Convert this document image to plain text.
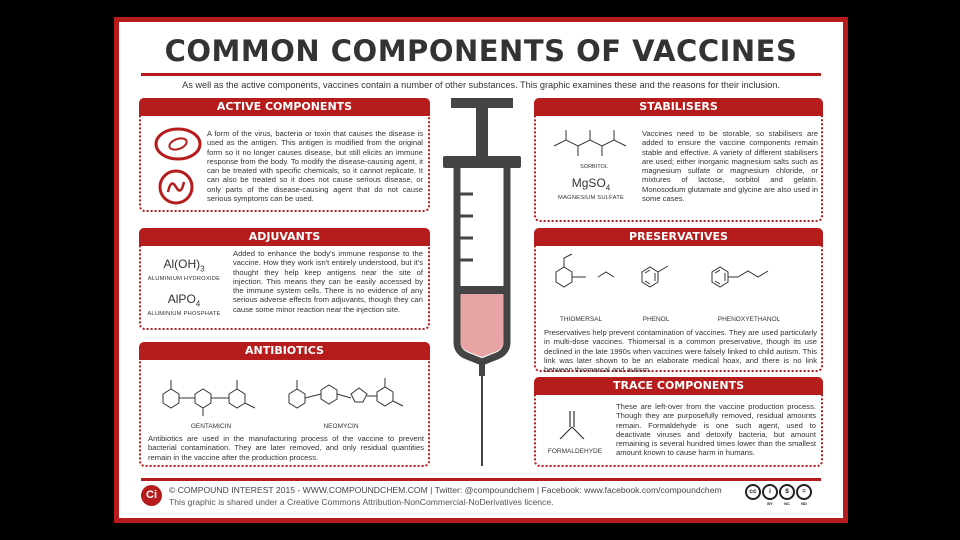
COMMON COMPONENTS OF VACCINES
As well as the active components, vaccines contain a number of other substances. This graphic examines these and the reasons for their inclusion.
ACTIVE COMPONENTS
A form of the virus, bacteria or toxin that causes the disease is used as the antigen. This antigen is modified from the original form so it no longer causes disease, but still elicits an immune response from the body. To modify the disease-causing agent, it can be treated with specific chemicals, so it cannot replicate. It can also be treated so it does not cause serious disease, or only parts of the disease-causing agent that do not cause serious symptoms can be used.
ADJUVANTS
$Al(OH)_3$
ALUMINIUM HYDROXIDE
AlPO$_4$
ALUMINIUM PHOSPHATE
Added to enhance the body's immune response to the vaccine. How they work isn't entirely understood, but it's thought they help keep antigens near the site of injection. This means they can be easily accessed by the immune system cells. There is no evidence of any serious adverse effects from adjuvants, though they can cause some minor reaction near the injection site.
ANTIBIOTICS
GENTAMICIN	NEOMYCIN
Antibiotics are used in the manufacturing process of the vaccine to prevent bacterial contamination. They are later removed, and only residual quantities remain in the vaccine after the production process.
STABILISERS
SORBITOL
MgSO$_4$
MAGNESIUM SULFATE
Vaccines need to be storable, so stabilisers are added to ensure the vaccine components remain stable and effective. A variety of different stabilisers are used; either inorganic magnesium salts such as magnesium sulfate or magnesium chloride, or mixtures of lactose, sorbitol and gelatin. Monosodium glutamate and glycine are also used in some cases.
PRESERVATIVES
THIOMERSAL	PHENOL	PHENOXYETHANOL
Preservatives help prevent contamination of vaccines. They are used particularly in multi-dose vaccines. Thiomersal is a common preservative, though its use declined in the late 1990s when vaccines were falsely linked to child autism. This link was later shown to be an elaborate medical hoax, and there is no link between thiomersal and autism.
TRACE COMPONENTS
FORMALDEHYDE
These are left-over from the vaccine production process. Though they are purposefully removed, residual amounts remain. Formaldehyde is one such agent, used to deactivate viruses and detoxify bacteria, but amount remaining is several hundred times lower than the smallest amount known to cause harm in humans.
Ci	© COMPOUND INTEREST 2015 - WWW.COMPOUNDCHEM.COM | Twitter: @compoundchem | Facebook: www.facebook.com/compoundchem
This graphic is shared under a Creative Commons Attribution-NonCommercial-NoDerivatives licence.
cc	i
BY
$
NC
=
ND
